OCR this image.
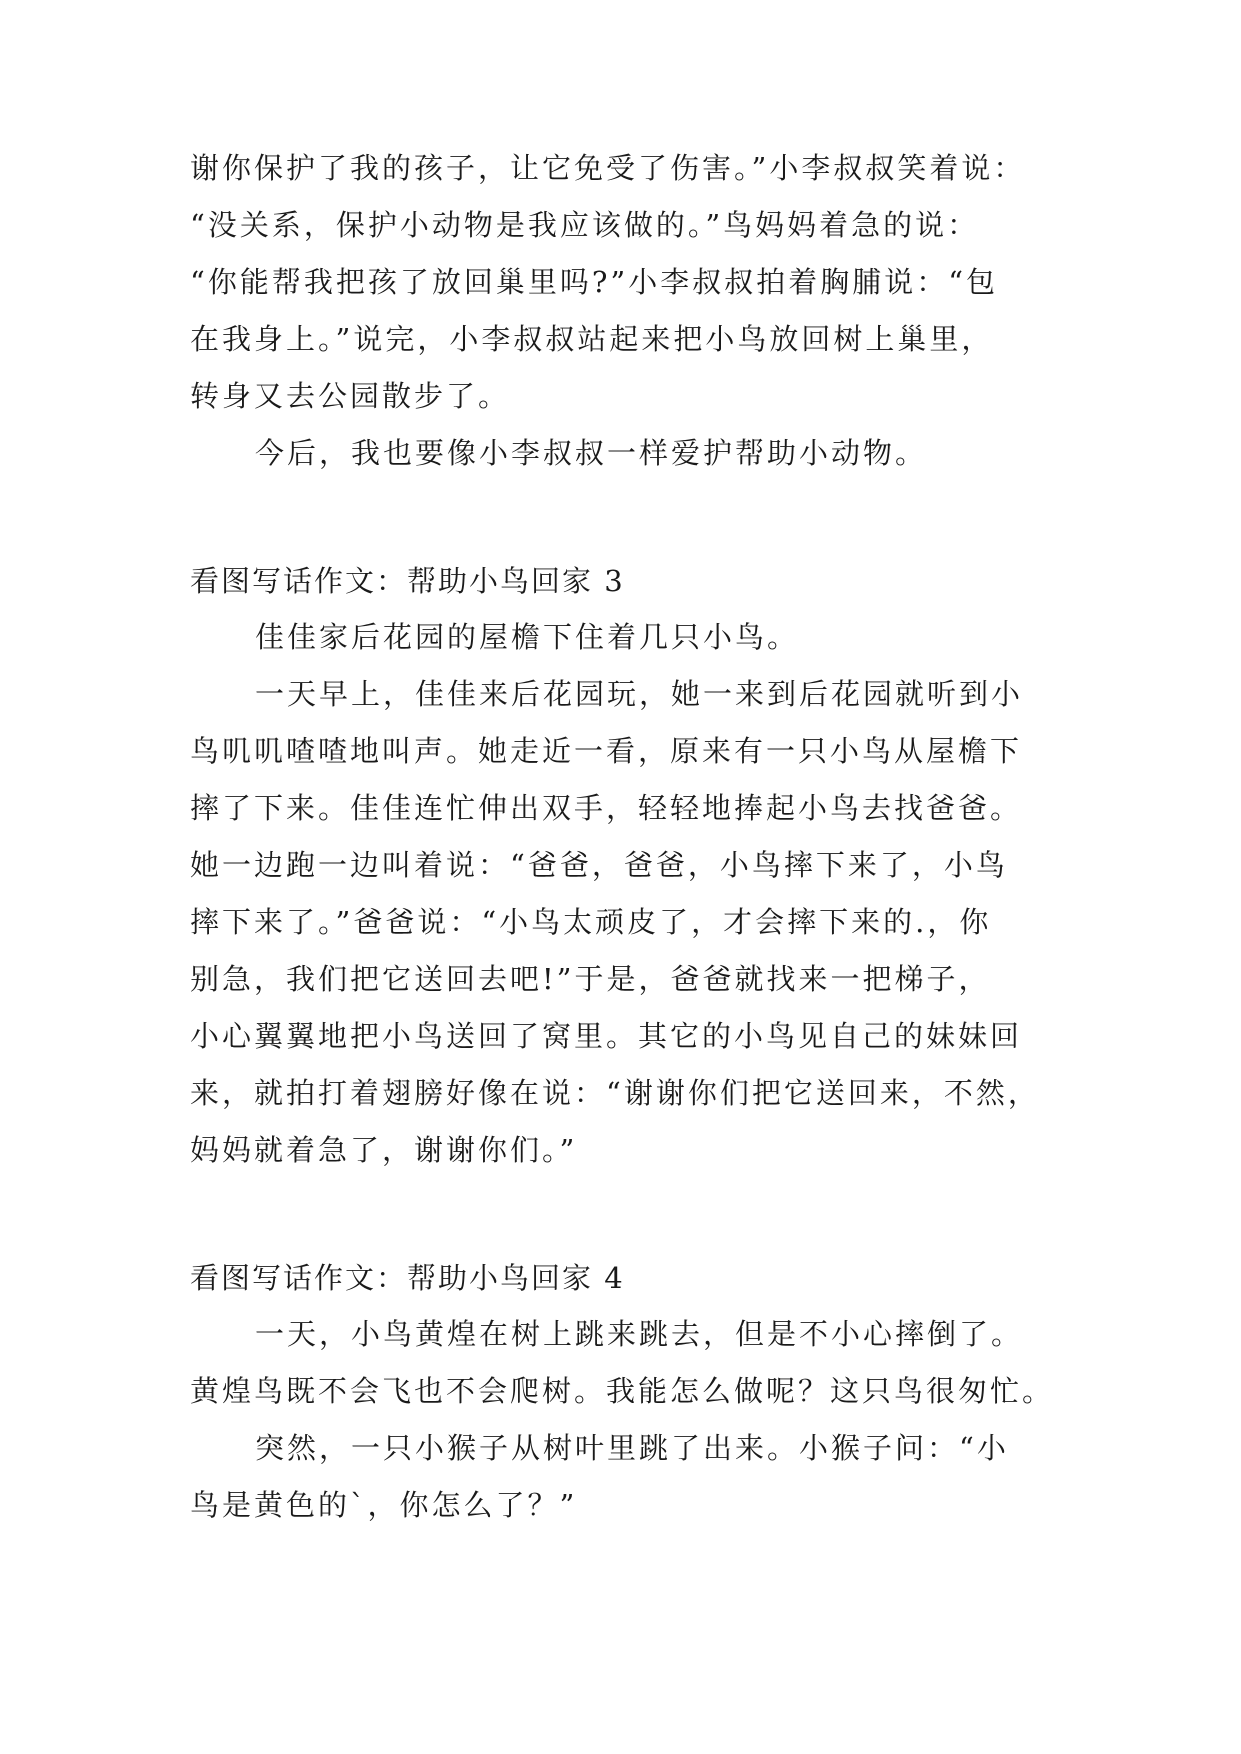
谢你保护了我的孩子，让它免受了伤害。”小李叔叔笑着说：
“没关系，保护小动物是我应该做的。”鸟妈妈着急的说：
“你能帮我把孩了放回巢里吗?”小李叔叔拍着胸脯说：“包
在我身上。”说完，小李叔叔站起来把小鸟放回树上巢里，
转身又去公园散步了。
今后，我也要像小李叔叔一样爱护帮助小动物。
看图写话作文：帮助小鸟回家 3
佳佳家后花园的屋檐下住着几只小鸟。
一天早上，佳佳来后花园玩，她一来到后花园就听到小
鸟叽叽喳喳地叫声。她走近一看，原来有一只小鸟从屋檐下
摔了下来。佳佳连忙伸出双手，轻轻地捧起小鸟去找爸爸。
她一边跑一边叫着说：“爸爸，爸爸，小鸟摔下来了，小鸟
摔下来了。”爸爸说：“小鸟太顽皮了，才会摔下来的.，你
别急，我们把它送回去吧!”于是，爸爸就找来一把梯子，
小心翼翼地把小鸟送回了窝里。其它的小鸟见自己的妹妹回
来，就拍打着翅膀好像在说：“谢谢你们把它送回来，不然，
妈妈就着急了，谢谢你们。”
看图写话作文：帮助小鸟回家 4
一天，小鸟黄煌在树上跳来跳去，但是不小心摔倒了。
黄煌鸟既不会飞也不会爬树。我能怎么做呢？这只鸟很匆忙。
突然，一只小猴子从树叶里跳了出来。小猴子问：“小
鸟是黄色的`，你怎么了？”
